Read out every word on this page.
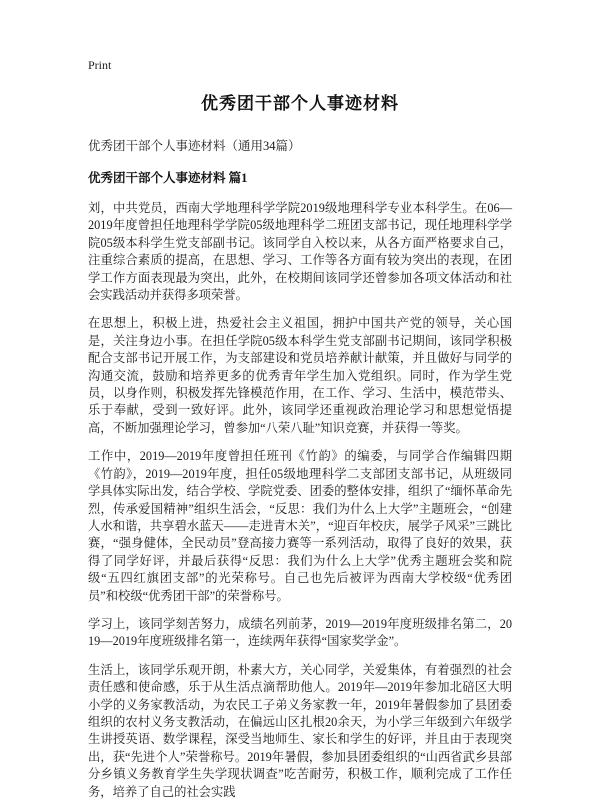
Print
优秀团干部个人事迹材料
优秀团干部个人事迹材料（通用34篇）
优秀团干部个人事迹材料 篇1

刘，中共党员，西南大学地理科学学院2019级地理科学专业本科学生。在06—2019年度曾担任地理科学学院05级地理科学二班团支部书记，现任地理科学学院05级本科学生党支部副书记。该同学自入校以来，从各方面严格要求自己，注重综合素质的提高，在思想、学习、工作等各方面有较为突出的表现，在团学工作方面表现最为突出，此外，在校期间该同学还曾参加各项文体活动和社会实践活动并获得多项荣誉。

在思想上，积极上进，热爱社会主义祖国，拥护中国共产党的领导，关心国是，关注身边小事。在担任学院05级本科学生党支部副书记期间，该同学积极配合支部书记开展工作，为支部建设和党员培养献计献策，并且做好与同学的沟通交流，鼓励和培养更多的优秀青年学生加入党组织。同时，作为学生党员，以身作则，积极发挥先锋模范作用，在工作、学习、生活中，模范带头、乐于奉献，受到一致好评。此外，该同学还重视政治理论学习和思想觉悟提高，不断加强理论学习，曾参加“八荣八耻”知识竞赛，并获得一等奖。

工作中，2019—2019年度曾担任班刊《竹韵》的编委，与同学合作编辑四期《竹韵》，2019—2019年度，担任05级地理科学二支部团支部书记，从班级同学具体实际出发，结合学校、学院党委、团委的整体安排，组织了“缅怀革命先烈，传承爱国精神”组织生活会，“反思：我们为什么上大学”主题班会，“创建人水和谐，共享碧水蓝天——走进青木关”，“迎百年校庆，展学子风采”三跳比赛，“强身健体，全民动员”登高接力赛等一系列活动，取得了良好的效果，获得了同学好评，并最后获得“反思：我们为什么上大学”优秀主题班会奖和院级“五四红旗团支部”的光荣称号。自己也先后被评为西南大学校级“优秀团员”和校级“优秀团干部”的荣誉称号。

学习上，该同学刻苦努力，成绩名列前茅，2019—2019年度班级排名第二，2019—2019年度班级排名第一，连续两年获得“国家奖学金”。

生活上，该同学乐观开朗，朴素大方，关心同学，关爱集体，有着强烈的社会责任感和使命感，乐于从生活点滴帮助他人。2019年—2019年参加北碚区大明小学的义务家教活动，为农民工子弟义务家教一年，2019年暑假参加了县团委组织的农村义务支教活动，在偏远山区扎根20余天，为小学三年级到六年级学生讲授英语、数学课程，深受当地师生、家长和学生的好评，并且由于表现突出，获“先进个人”荣誉称号。2019年暑假，参加县团委组织的“山西省武乡县部分乡镇义务教育学生失学现状调查”吃苦耐劳，积极工作，顺利完成了工作任务，培养了自己的社会实践
